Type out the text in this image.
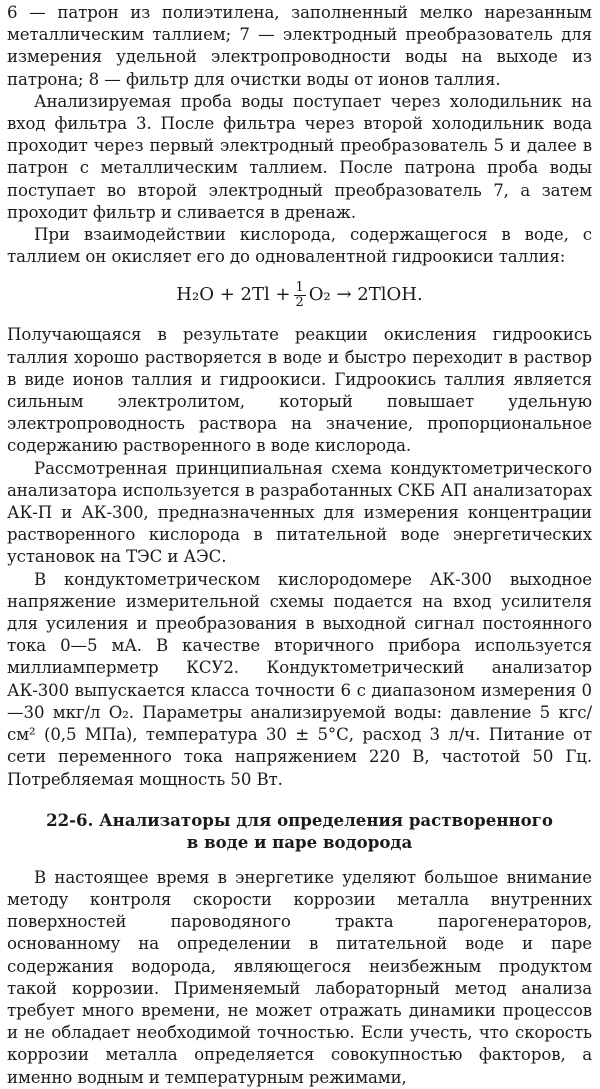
6 — патрон из полиэтилена, заполненный мелко нарезанным металлическим таллием; 7 — электродный преобразователь для измерения удельной электропроводности воды на выходе из патрона; 8 — фильтр для очистки воды от ионов таллия.

Анализируемая проба воды поступает через холодильник на вход фильтра 3. После фильтра через второй холодильник вода проходит через первый электродный преобразователь 5 и далее в патрон с металлическим таллием. После патрона проба воды поступает во второй электродный преобразователь 7, а затем проходит фильтр и сливается в дренаж.

При взаимодействии кислорода, содержащегося в воде, с таллием он окисляет его до одновалентной гидроокиси таллия:

$H_2O + 2Tl + \frac{1}{2} O_2$ → 2TlOH.

Получающаяся в результате реакции окисления гидроокись таллия хорошо растворяется в воде и быстро переходит в раствор в виде ионов таллия и гидроокиси. Гидроокись таллия является сильным электролитом, который повышает удельную электропроводность раствора на значение, пропорциональное содержанию растворенного в воде кислорода.

Рассмотренная принципиальная схема кондуктометрического анализатора используется в разработанных СКБ АП анализаторах АК-П и АК-300, предназначенных для измерения концентрации растворенного кислорода в питательной воде энергетических установок на ТЭС и АЭС.

В кондуктометрическом кислородомере АК-300 выходное напряжение измерительной схемы подается на вход усилителя для усиления и преобразования в выходной сигнал постоянного тока 0—5 мА. В качестве вторичного прибора используется миллиамперметр КСУ2. Кондуктометрический анализатор АК-300 выпускается класса точности 6 с диапазоном измерения 0—30 мкг/л O₂. Параметры анализируемой воды: давление 5 кгс/см² (0,5 МПа), температура 30 ± 5°С, расход 3 л/ч. Питание от сети переменного тока напряжением 220 В, частотой 50 Гц. Потребляемая мощность 50 Вт.

22-6. Анализаторы для определения растворенного
в воде и паре водорода

В настоящее время в энергетике уделяют большое внимание методу контроля скорости коррозии металла внутренних поверхностей пароводяного тракта парогенераторов, основанному на определении в питательной воде и паре содержания водорода, являющегося неизбежным продуктом такой коррозии. Применяемый лабораторный метод анализа требует много времени, не может отражать динамики процессов и не обладает необходимой точностью. Если учесть, что скорость коррозии металла определяется совокупностью факторов, а именно водным и температурным режимами,
